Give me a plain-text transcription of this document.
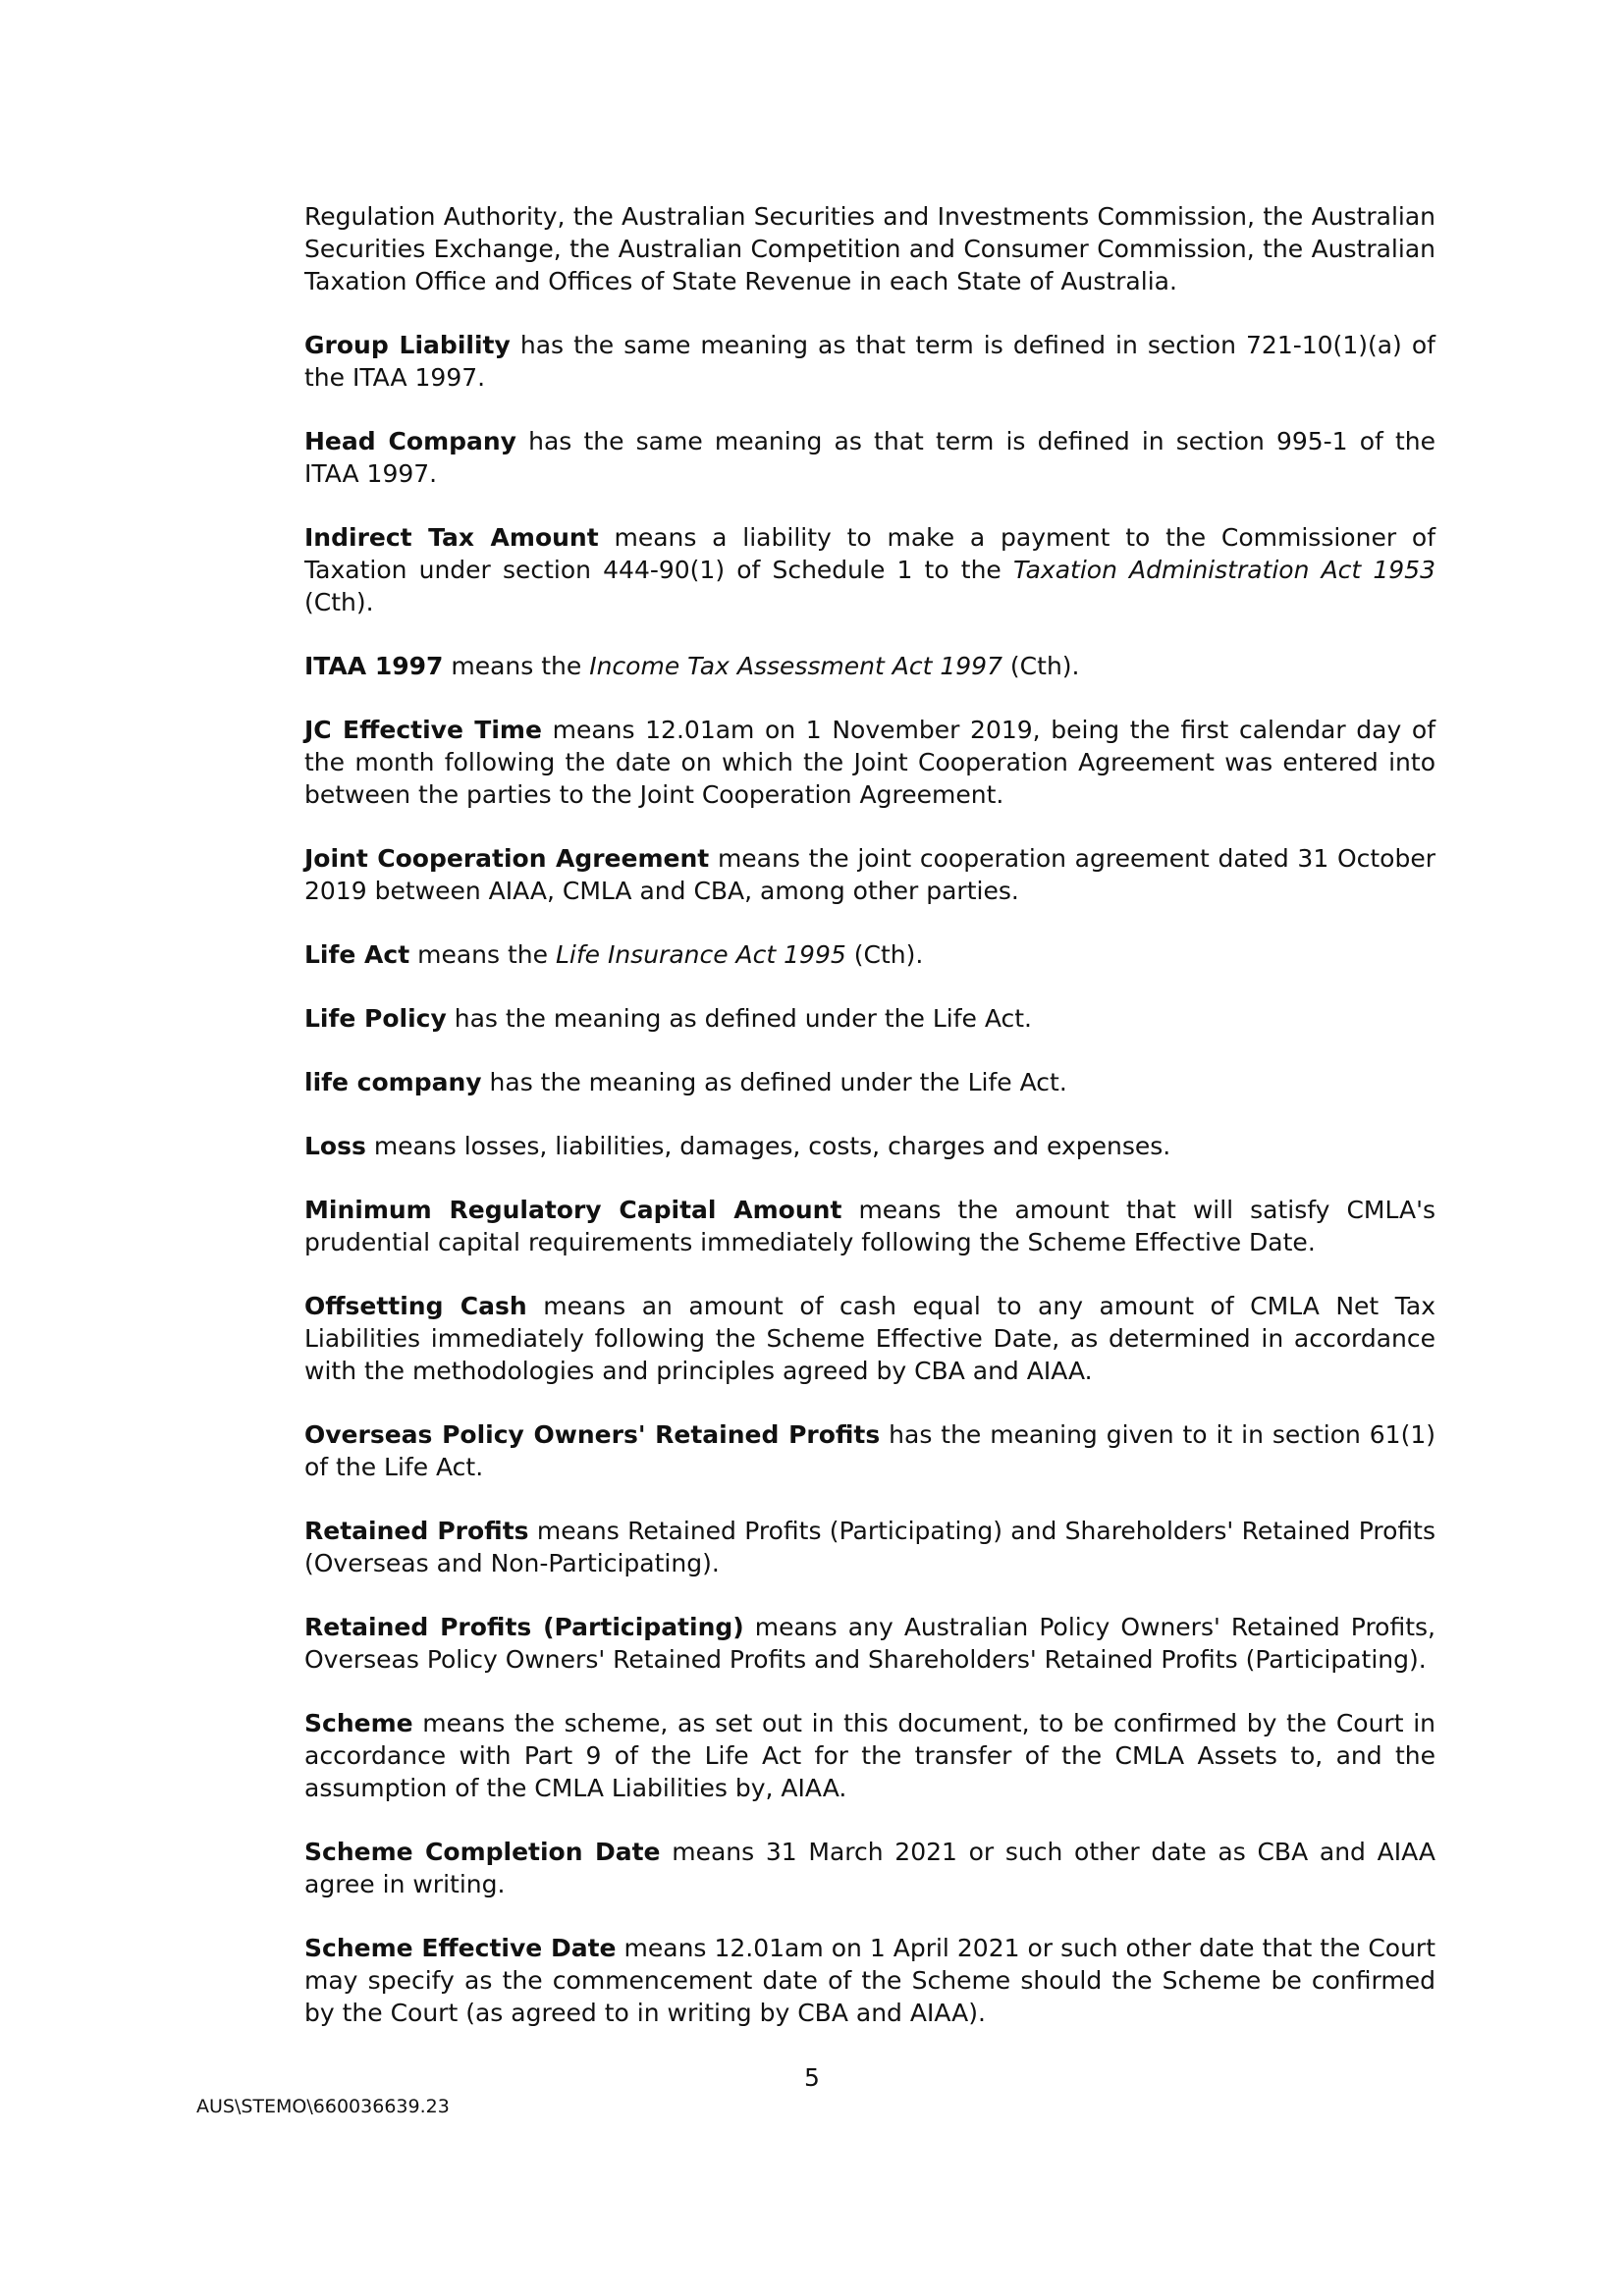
Regulation Authority, the Australian Securities and Investments Commission, the Australian Securities Exchange, the Australian Competition and Consumer Commission, the Australian Taxation Office and Offices of State Revenue in each State of Australia.

Group Liability has the same meaning as that term is defined in section 721-10(1)(a) of the ITAA 1997.

Head Company has the same meaning as that term is defined in section 995-1 of the ITAA 1997.

Indirect Tax Amount means a liability to make a payment to the Commissioner of Taxation under section 444-90(1) of Schedule 1 to the Taxation Administration Act 1953 (Cth).

ITAA 1997 means the Income Tax Assessment Act 1997 (Cth).

JC Effective Time means 12.01am on 1 November 2019, being the first calendar day of the month following the date on which the Joint Cooperation Agreement was entered into between the parties to the Joint Cooperation Agreement.

Joint Cooperation Agreement means the joint cooperation agreement dated 31 October 2019 between AIAA, CMLA and CBA, among other parties.

Life Act means the Life Insurance Act 1995 (Cth).

Life Policy has the meaning as defined under the Life Act.

life company has the meaning as defined under the Life Act.

Loss means losses, liabilities, damages, costs, charges and expenses.

Minimum Regulatory Capital Amount means the amount that will satisfy CMLA's prudential capital requirements immediately following the Scheme Effective Date.

Offsetting Cash means an amount of cash equal to any amount of CMLA Net Tax Liabilities immediately following the Scheme Effective Date, as determined in accordance with the methodologies and principles agreed by CBA and AIAA.

Overseas Policy Owners' Retained Profits has the meaning given to it in section 61(1) of the Life Act.

Retained Profits means Retained Profits (Participating) and Shareholders' Retained Profits (Overseas and Non-Participating).

Retained Profits (Participating) means any Australian Policy Owners' Retained Profits, Overseas Policy Owners' Retained Profits and Shareholders' Retained Profits (Participating).

Scheme means the scheme, as set out in this document, to be confirmed by the Court in accordance with Part 9 of the Life Act for the transfer of the CMLA Assets to, and the assumption of the CMLA Liabilities by, AIAA.

Scheme Completion Date means 31 March 2021 or such other date as CBA and AIAA agree in writing.

Scheme Effective Date means 12.01am on 1 April 2021 or such other date that the Court may specify as the commencement date of the Scheme should the Scheme be confirmed by the Court (as agreed to in writing by CBA and AIAA).

5
AUS\STEMO\660036639.23
